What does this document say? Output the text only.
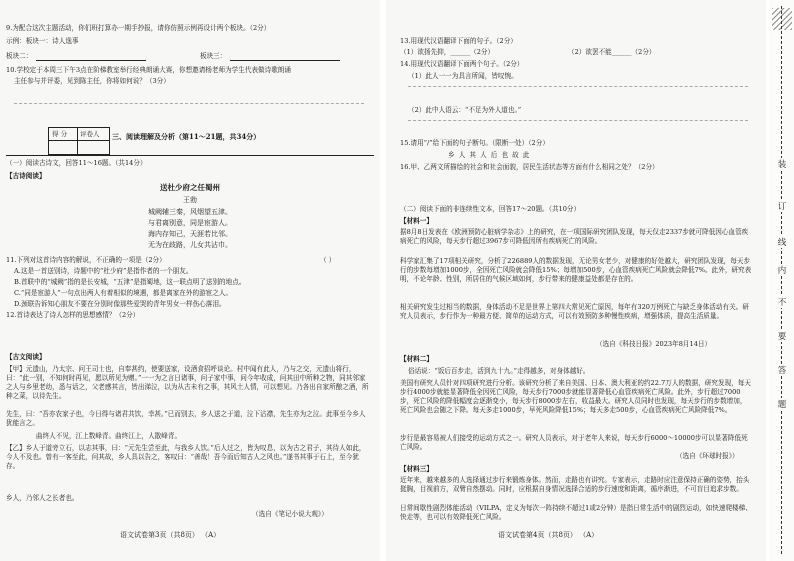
9.为配合这次主题活动，你们班打算办一期手抄报，请你仿照示例再设计两个板块。（2分）
示例：板块一：诗人逸事
板块二：	板块三：
10.学校定于本周三下午3点在阶梯教室举行经典朗诵大赛，你想邀请杨老师为学生代表做诗歌朗诵
主任参与并评委，见到陈主任，你将如何说？（3分）
得 分 评卷人 三、阅读理解及分析（第11～21题，共34分）
（一）阅读古诗文，回答11～16题。（共14分）
【古诗阅读】
送杜少府之任蜀州
王勃
城阙辅三秦，风烟望五津。
与君离别意，同是宦游人。
海内存知己，天涯若比邻。
无为在歧路，儿女共沾巾。
11.下列对这首诗内容的解说，不正确的一项是（2分）	（ ）
A.这是一首送别诗，诗题中的“杜少府”是指作者的一个朋友。
B.首联中的“城阙”指的是长安城，“五津”是指蜀地，这一联点明了送别的地点。
C.“同是宦游人”一句点出两人有着相似的境遇，都是离家在外的游宦之人。
D.颈联告诉知心朋友不要在分别时像那些爱哭的青年男女一样伤心落泪。
12.首诗表达了诗人怎样的思想感情？（2分）
【古文阅读】
【甲】元遗山，乃太宗、问王司士也，自奉甚约，使要送家，设酒食招呼谈论。村中闻有此人，乃与之交，元遗山将行，曰：“此一别，不知何时再见，愿以所见为赠。”一一为之言日诸事，问子家中事，问今年收成，问其田中所种之物，同其邻家之人与乡里老幼，悉与话之，父老感其言，皆出涕泣，以为从古未有之事，其风土人情，可以想见。乃各出自家所酿之酒，所种之菜，以待先生。
先生，曰：“吾亦农家子也，今日得与诸君共饮，幸甚。”已而别去，乡人送之于道，泣下沾襟，先生亦为之泣。此事至今乡人犹能言之。
曲终人不见，江上数峰青。曲终江上，人散峰青。
【乙】乡人于道旁立石，以志其事，曰：“元先生尝至此，与我乡人饮。”后人过之，皆为叹息，以为古之君子，其待人如此，今人不及也。曾有一客至此，问其故，乡人具以告之，客叹曰：“善哉！吾今而后知古人之风也。”遂书其事于石上，至今犹存。
乡人，乃邻人之长者也。
（选自《笔记小说大观》）
语文试卷第3页（共8页） （A）
13.用现代汉语翻译下面的句子。（2分）
（1）欲扬先抑，______（2分）	（2）欲罢不能______（2分）
14.用现代汉语翻译下面两个句子。（2分）
（1）此人一一为具言所闻，皆叹惋。
（2）此中人语云：“不足为外人道也。”
15.请用“/”给下面的句子断句。（限断一处）（2分）
乡 人 其 人 后 也 故 此
16.甲、乙两文所描绘的社会和社会面貌，居民生活状态等方面有什么相同之处？（2分）
（二）阅读下面的非连续性文本，回答17～20题。（共10分）
【材料一】
据8月8日发表在《欧洲预防心脏病学杂志》上的研究，在一项国际研究团队发现，每天仅走2337步就可降低因心血管疾病死亡的风险，每天步行超过3967步可降低因所有疾病死亡的风险。
科学家汇集了17项相关研究，分析了226889人的数据发现，无论男女老少，对健康的好处越大，研究团队发现，每天步行的步数每增加1000步，全因死亡风险就会降低15%；每增加500步，心血管疾病死亡风险就会降低7%。此外，研究表明，不论年龄、性别，所居住的气候区域如何，步行带来的健康益处都是存在的。
相关研究发生过相当的数据，身体活动不足是世界上第四大常见死亡原因，每年有320万例死亡与缺乏身体活动有关。研究人员表示，步行作为一种最方便、简单的运动方式，可以有效预防多种慢性疾病，增强体质，提高生活质量。
（选自《科技日报》2023年8月14日）
【材料二】
俗话说：“饭后百步走，活到九十九。”走得越多，对身体越好。
美国有研究人员针对四项研究进行分析。该研究分析了来自美国、日本、澳大利亚的约22.7万人的数据，研究发现，每天步行4000步就能显著降低全因死亡风险，每天步行7000步就能显著降低心血管疾病死亡风险。此外，步行超过7000步，死亡风险的降低幅度会逐渐变小，每天步行8000步左右，收益最大。研究人员同时也发现，每天步行的步数增加，死亡风险也会随之下降。每天多走1000步，早死风险降低15%；每天多走500步，心血管疾病死亡风险降低7%。
步行是最容易被人们接受的运动方式之一。研究人员表示，对于老年人来说，每天步行6000～10000步可以显著降低死亡风险。
（选自《环球时报》）
【材料三】
近年来，越来越多的人选择通过步行来锻炼身体。然而，走路也有讲究。专家表示，走路时应注意保持正确的姿势，抬头挺胸，目视前方，双臂自然摆动。同时，应根据自身情况选择合适的步行速度和距离，循序渐进，不可盲目追求步数。
日常间歇性剧烈体能活动（VILPA，定义为每次一阵持续不超过1或2分钟）是指日常生活中的剧烈运动，如快速爬楼梯、快走等，也可以有效降低死亡风险。
语文试卷第4页（共8页） （A）
装
订
线
内
不
要
答
题
